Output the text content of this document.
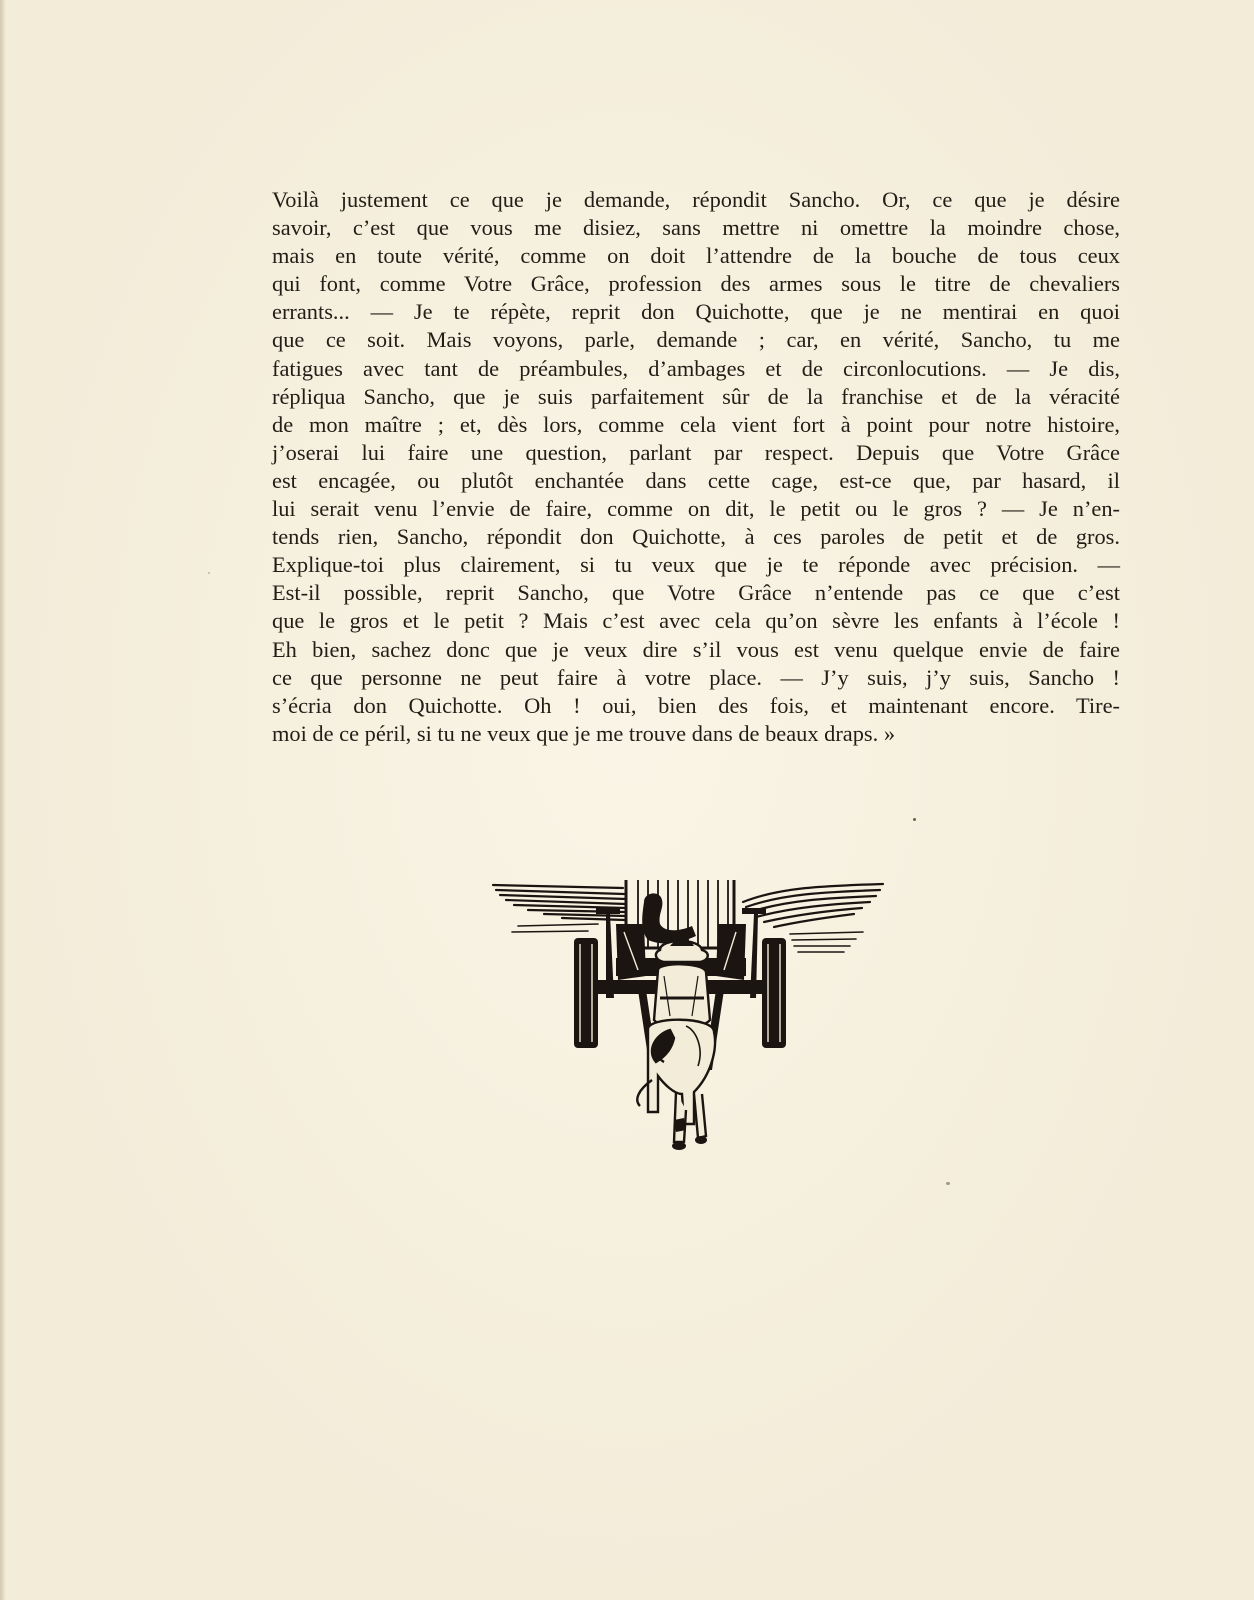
Voilà justement ce que je demande, répondit Sancho. Or, ce que je désire
savoir, c’est que vous me disiez, sans mettre ni omettre la moindre chose,
mais en toute vérité, comme on doit l’attendre de la bouche de tous ceux
qui font, comme Votre Grâce, profession des armes sous le titre de chevaliers
errants... — Je te répète, reprit don Quichotte, que je ne mentirai en quoi
que ce soit. Mais voyons, parle, demande ; car, en vérité, Sancho, tu me
fatigues avec tant de préambules, d’ambages et de circonlocutions. — Je dis,
répliqua Sancho, que je suis parfaitement sûr de la franchise et de la véracité
de mon maître ; et, dès lors, comme cela vient fort à point pour notre histoire,
j’oserai lui faire une question, parlant par respect. Depuis que Votre Grâce
est encagée, ou plutôt enchantée dans cette cage, est-ce que, par hasard, il
lui serait venu l’envie de faire, comme on dit, le petit ou le gros ? — Je n’en-
tends rien, Sancho, répondit don Quichotte, à ces paroles de petit et de gros.
Explique-toi plus clairement, si tu veux que je te réponde avec précision. —
Est-il possible, reprit Sancho, que Votre Grâce n’entende pas ce que c’est
que le gros et le petit ? Mais c’est avec cela qu’on sèvre les enfants à l’école !
Eh bien, sachez donc que je veux dire s’il vous est venu quelque envie de faire
ce que personne ne peut faire à votre place. — J’y suis, j’y suis, Sancho !
s’écria don Quichotte. Oh ! oui, bien des fois, et maintenant encore. Tire-
moi de ce péril, si tu ne veux que je me trouve dans de beaux draps. »
